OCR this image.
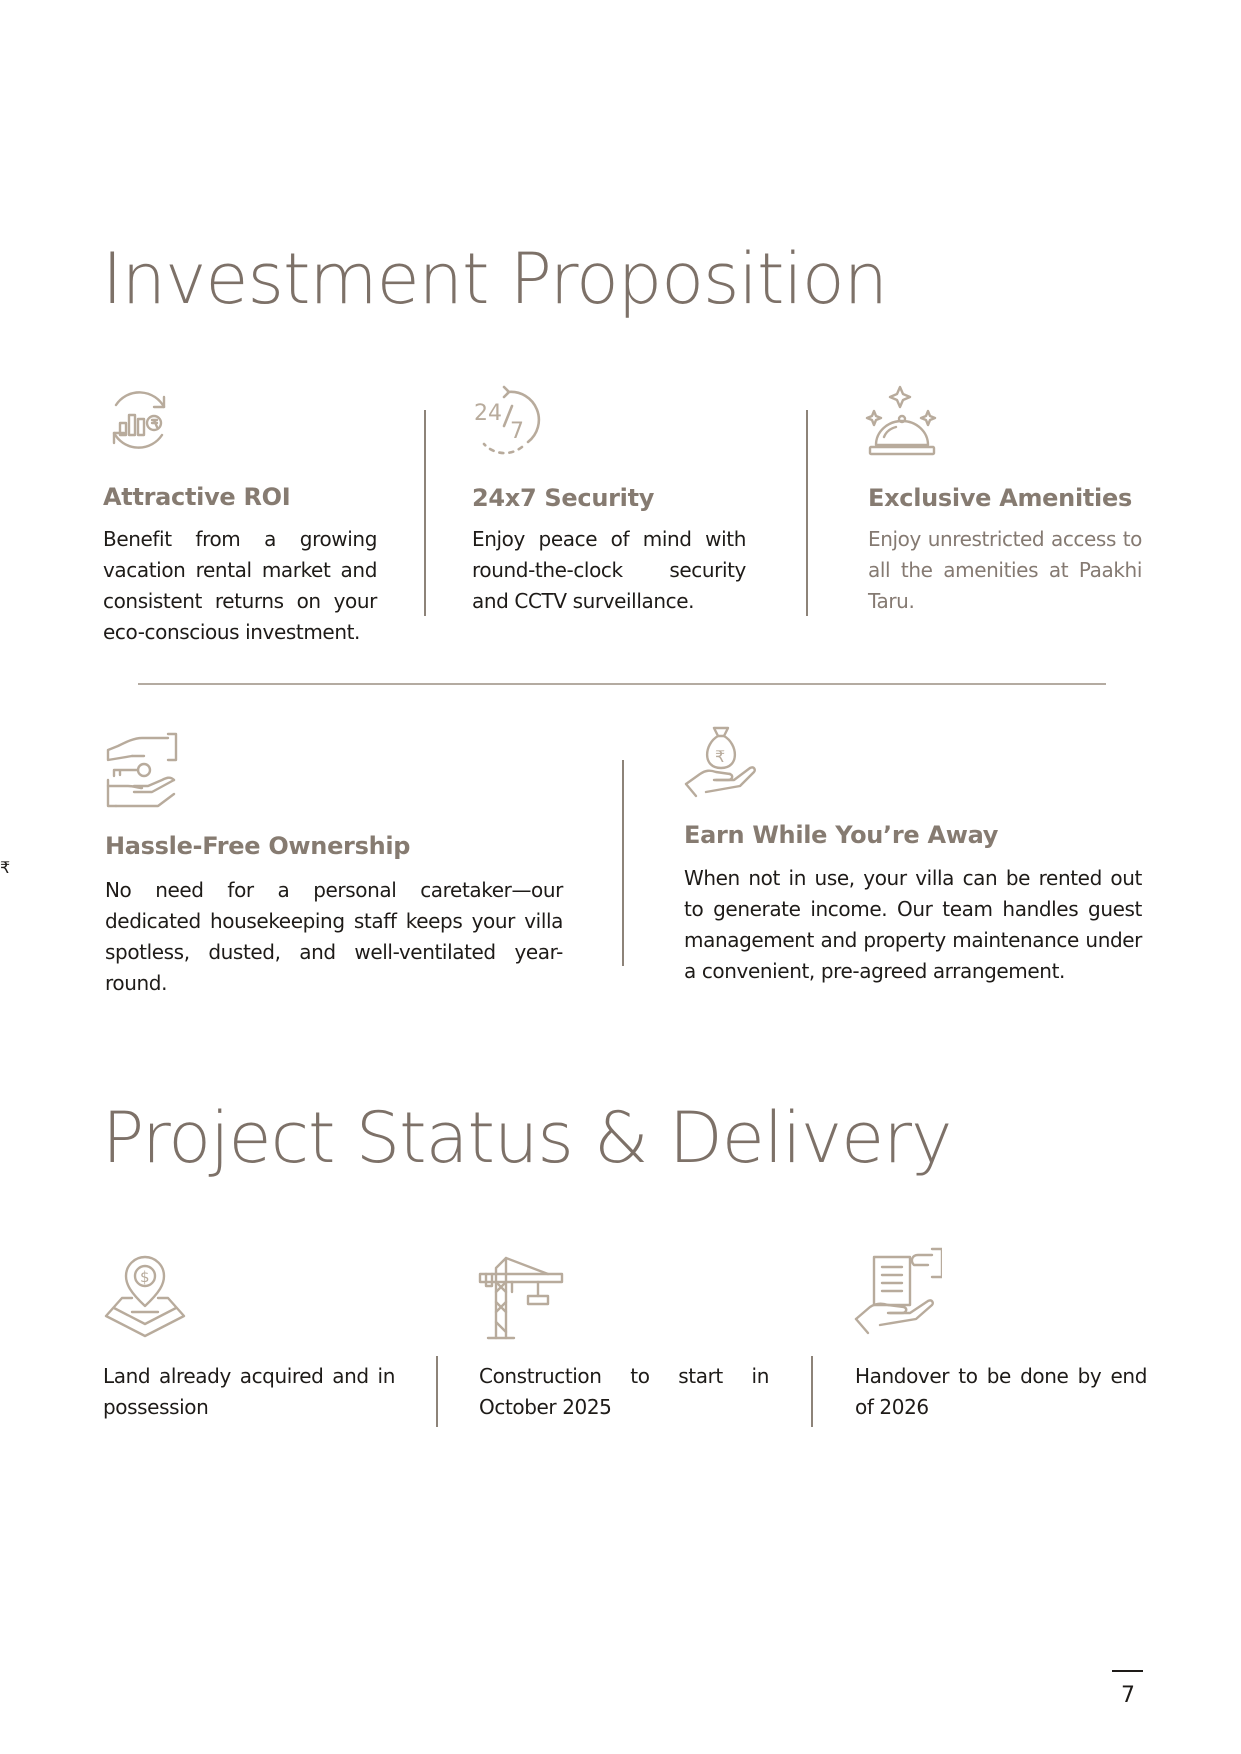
Investment Proposition
Attractive ROI

Benefit from a growing vacation rental market and consistent returns on your eco-conscious investment.

24
7
24x7 Security

Enjoy peace of mind with round-the-clock security and CCTV surveillance.

Exclusive Amenities

Enjoy unrestricted access to all the amenities at Paakhi Taru.

Hassle-Free Ownership

No need for a personal caretaker—our dedicated housekeeping staff keeps your villa spotless, dusted, and well-ventilated year-round.

₹
Earn While You’re Away

When not in use, your villa can be rented out to generate income. Our team handles guest management and property maintenance under a convenient, pre-agreed arrangement.

₹
Project Status & Delivery
$

Land already acquired and in possession

Construction to start in October 2025

Handover to be done by end of 2026

7
